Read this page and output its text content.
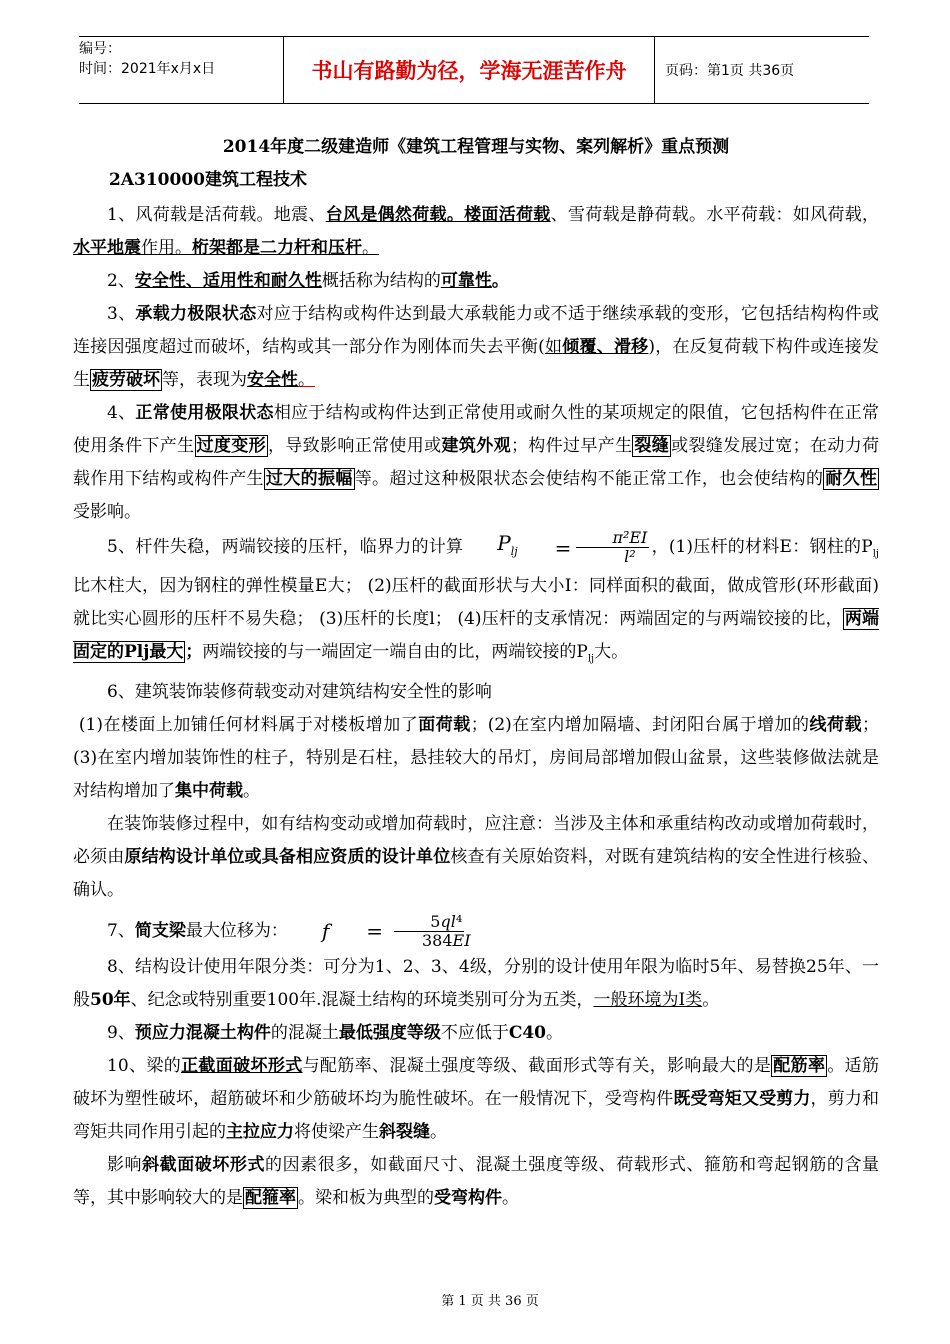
编号：
时间：2021年x月x日	书山有路勤为径，学海无涯苦作舟	页码：第1页 共36页
2014年度二级建造师《建筑工程管理与实物、案列解析》重点预测
2A310000建筑工程技术

1、风荷载是活荷载。地震、台风是偶然荷载。楼面活荷载、雪荷载是静荷载。水平荷载：如风荷载，水平地震作用。桁架都是二力杆和压杆。

2、安全性、适用性和耐久性概括称为结构的可靠性。

3、承载力极限状态对应于结构或构件达到最大承载能力或不适于继续承载的变形，它包括结构构件或连接因强度超过而破坏，结构或其一部分作为刚体而失去平衡(如倾覆、滑移)，在反复荷载下构件或连接发生 疲劳破坏 等，表现为安全性。

4、正常使用极限状态相应于结构或构件达到正常使用或耐久性的某项规定的限值，它包括构件在正常使用条件下产生 过度变形 ，导致影响正常使用或建筑外观；构件过早产生 裂缝 或裂缝发展过宽；在动力荷载作用下结构或构件产生 过大的振幅 等。超过这种极限状态会使结构不能正常工作，也会使结构的 耐久性受影响。

5、杆件失稳，两端铰接的压杆，临界力的计算 $P_{lj} = \frac{\text{π²EI}}{\text{l²}}$ ，(1)压杆的材料E：钢柱的$P_{lj}$比木柱大，因为钢柱的弹性模量E大； (2)压杆的截面形状与大小I：同样面积的截面，做成管形(环形截面)就比实心圆形的压杆不易失稳； (3)压杆的长度l； (4)压杆的支承情况：两端固定的与两端铰接的比， 两端固定的Plj最大 ；两端铰接的与一端固定一端自由的比，两端铰接的$P_{lj}$大。

6、建筑装饰装修荷载变动对建筑结构安全性的影响

(1)在楼面上加铺任何材料属于对楼板增加了面荷载；(2)在室内增加隔墙、封闭阳台属于增加的线荷载；(3)在室内增加装饰性的柱子，特别是石柱，悬挂较大的吊灯，房间局部增加假山盆景，这些装修做法就是对结构增加了集中荷载。

在装饰装修过程中，如有结构变动或增加荷载时，应注意：当涉及主体和承重结构改动或增加荷载时，必须由原结构设计单位或具备相应资质的设计单位核查有关原始资料，对既有建筑结构的安全性进行核验、确认。

7、简支梁最大位移为： $f = \frac{\text{5ql⁴}}{384EI}$

8、结构设计使用年限分类：可分为1、2、3、4级，分别的设计使用年限为临时5年、易替换25年、一般50年、纪念或特别重要100年.混凝土结构的环境类别可分为五类，一般环境为I类。

9、预应力混凝土构件的混凝土最低强度等级不应低于C40。

10、梁的正截面破坏形式与配筋率、混凝土强度等级、截面形式等有关，影响最大的是 配筋率 。适筋破坏为塑性破坏，超筋破坏和少筋破坏均为脆性破坏。在一般情况下，受弯构件既受弯矩又受剪力，剪力和弯矩共同作用引起的主拉应力将使梁产生斜裂缝。

影响斜截面破坏形式的因素很多，如截面尺寸、混凝土强度等级、荷载形式、箍筋和弯起钢筋的含量等，其中影响较大的是 配箍率 。梁和板为典型的受弯构件。

第 1 页 共 36 页
